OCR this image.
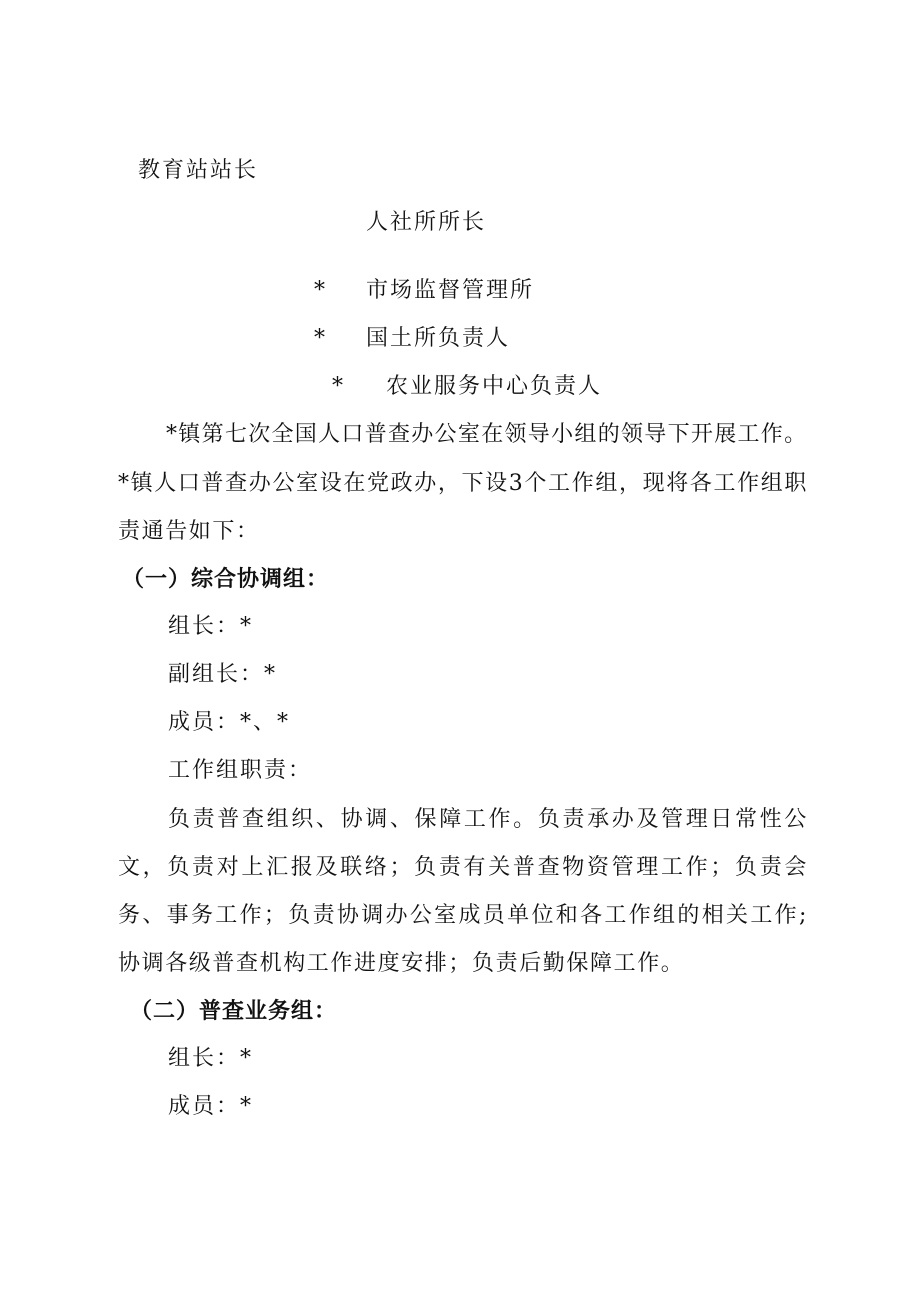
教育站站长
人社所所长
* 市场监督管理所
* 国土所负责人
* 农业服务中心负责人
*镇第七次全国人口普查办公室在领导小组的领导下开展工作。
*镇人口普查办公室设在党政办，下设3个工作组，现将各工作组职责通告如下：
（一）综合协调组：
组长：*
副组长：*
成员：*、*
工作组职责：
负责普查组织、协调、保障工作。负责承办及管理日常性公文，负责对上汇报及联络；负责有关普查物资管理工作；负责会务、事务工作；负责协调办公室成员单位和各工作组的相关工作;协调各级普查机构工作进度安排；负责后勤保障工作。
（二）普查业务组：
组长：*
成员：*
